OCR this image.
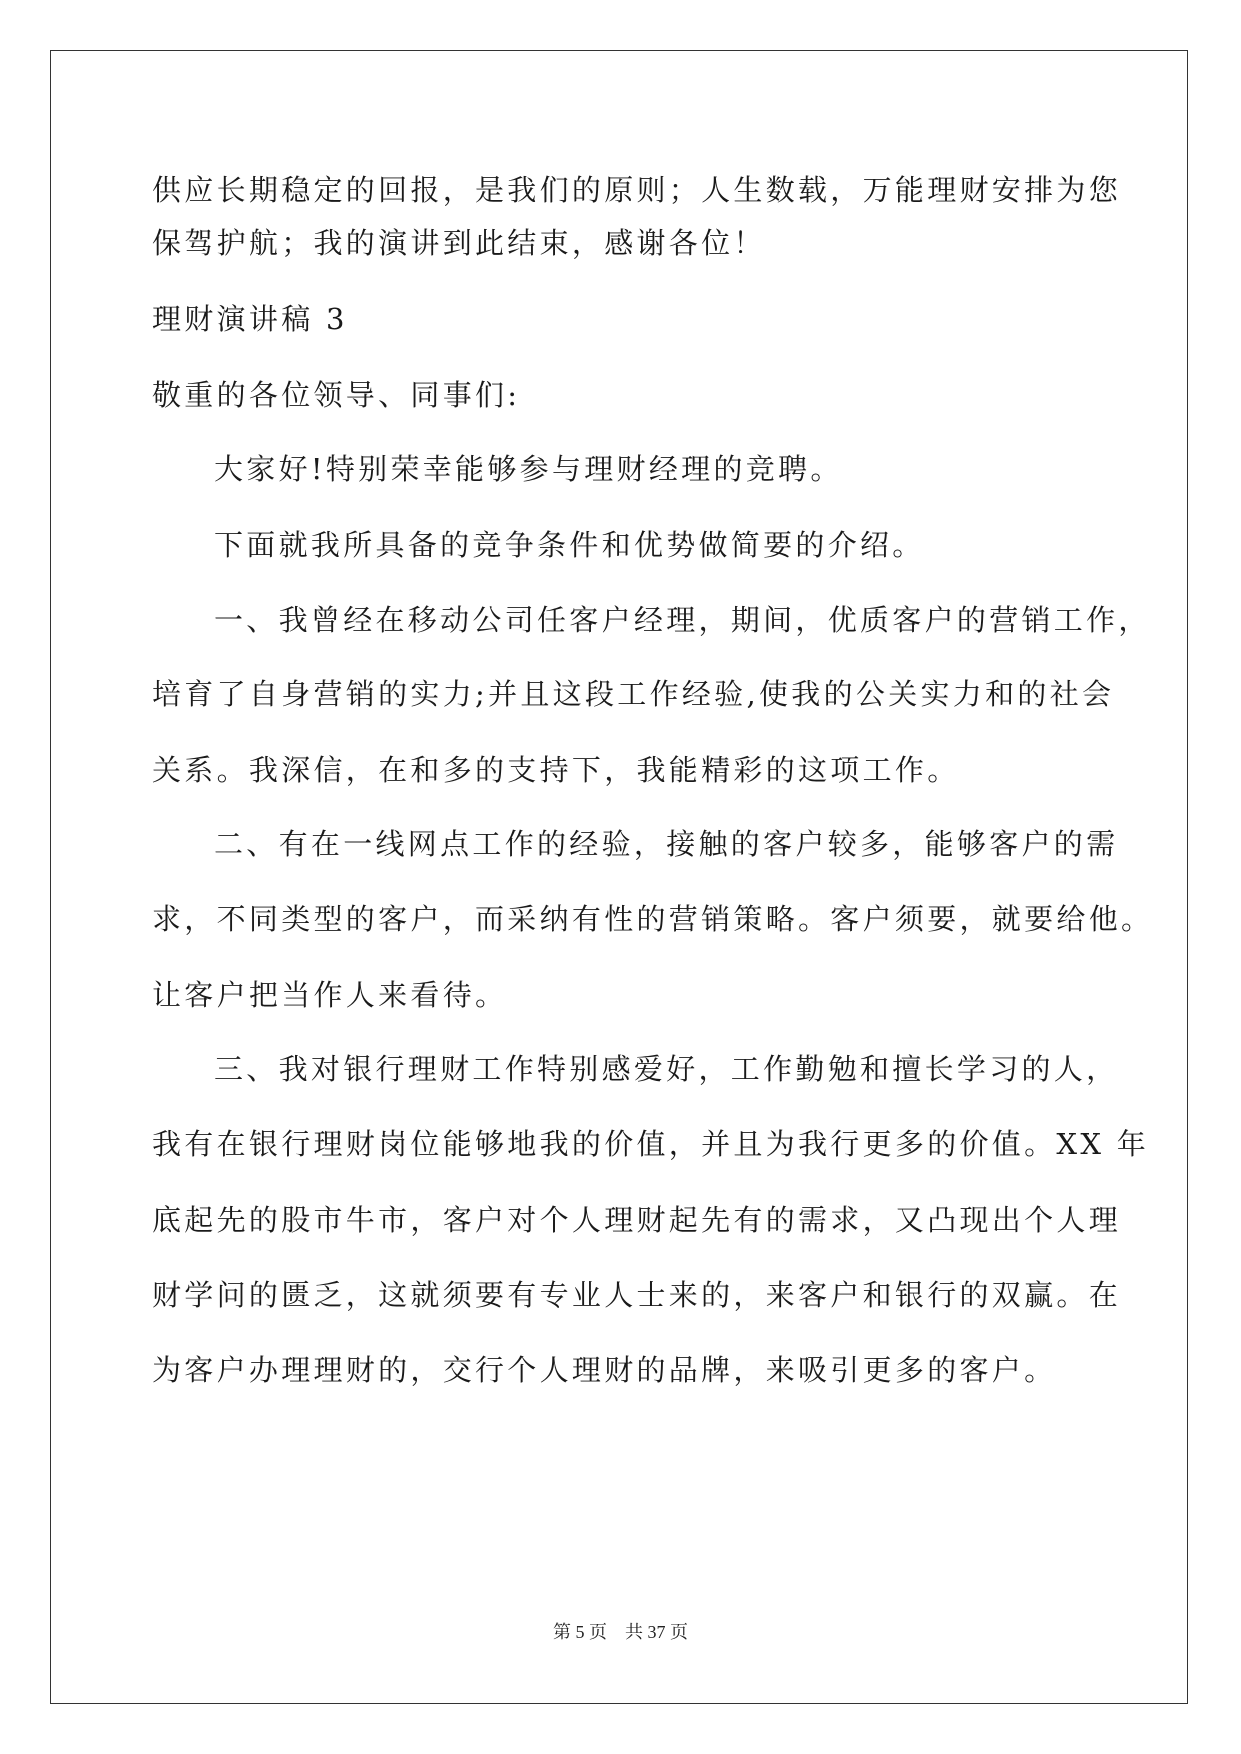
供应长期稳定的回报，是我们的原则；人生数载，万能理财安排为您
保驾护航；我的演讲到此结束，感谢各位！
理财演讲稿 3
敬重的各位领导、同事们:
大家好!特别荣幸能够参与理财经理的竞聘。
下面就我所具备的竞争条件和优势做简要的介绍。
一、我曾经在移动公司任客户经理，期间，优质客户的营销工作，
培育了自身营销的实力;并且这段工作经验,使我的公关实力和的社会
关系。我深信，在和多的支持下，我能精彩的这项工作。
二、有在一线网点工作的经验，接触的客户较多，能够客户的需
求，不同类型的客户，而采纳有性的营销策略。客户须要，就要给他。
让客户把当作人来看待。
三、我对银行理财工作特别感爱好，工作勤勉和擅长学习的人，
我有在银行理财岗位能够地我的价值，并且为我行更多的价值。XX 年
底起先的股市牛市，客户对个人理财起先有的需求，又凸现出个人理
财学问的匮乏，这就须要有专业人士来的，来客户和银行的双赢。在
为客户办理理财的，交行个人理财的品牌，来吸引更多的客户。
第 5 页 共 37 页
